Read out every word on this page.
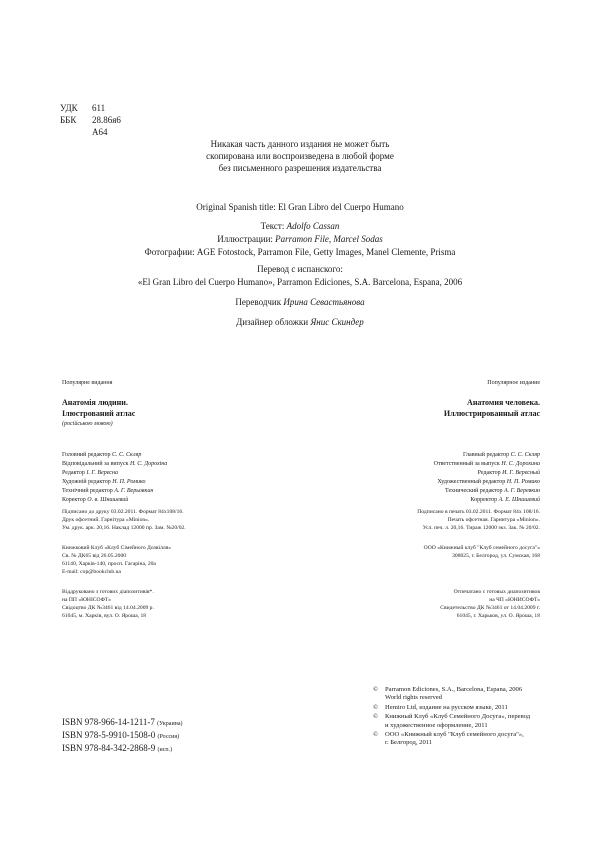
УДК 611
ББК 28.86я6
А64
Никакая часть данного издания не может быть
скопирована или воспроизведена в любой форме
без письменного разрешения издательства
Original Spanish title: El Gran Libro del Cuerpo Humano
Текст: Adolfo Cassan
Иллюстрации: Parramon File, Marcel Sodas
Фотографии: AGE Fotostock, Parramon File, Getty Images, Manel Clemente, Prisma
Перевод с испанского:
«El Gran Libro del Cuerpo Humano», Parramon Ediciones, S.A. Barcelona, Espana, 2006
Переводчик Ирина Севастьянова
Дизайнер обложки Янис Скиндер
Популярне видання
Анатомiя людини.
Ілюстрований атлас
(російською мовою)
Головний редактор С. С. Скляр
Відповідальний за випуск Н. С. Дорохіна
Редактор І. Г. Вересна
Художній редактор Н. П. Ромико
Технічний редактор А. Г. Верьовкин
Коректор О. в. Шнишевий
Підписано до друку 03.02.2011. Формат 84х108/16.
Друк офсетний. Гарнітура «Minion».
Ум. друк. арк. 20,16. Наклад 12000 пр. Зам. №20/02.
Книжковий Клуб «Клуб Сімейного Дозвілля»
Св. № ДК65 від 26.05.2000
61140, Харків-140, просп. Гагаріна, 20а
E-mail: cop@bookclub.ua
Віддруковано з готових діапозитивів*.
на ПП «ЮНІСОФТ»
Свідоцтво ДК №3461 від 14.04.2009 р.
61045, м. Харків, вул. О. Ярoша, 18
Популярное издание
Анатомия человека.
Иллюстрированный атлас
Главный редактор С. С. Скляр
Ответственный за выпуск Н. С. Дорохина
Редактор И. Г. Вересный
Художественный редактор Н. П. Ромико
Технический редактор А. Г. Веревкин
Корректор А. Е. Шнишевий
Подписано в печать 03.02.2011. Формат 84х 108/16.
Печать офсетная. Гарнитура «Minion».
Усл. печ. л. 20,16. Тираж 12000 экз. Зак. № 20/02.
ООО «Книжный клуб "Клуб семейного досуга"»
308025, г. Белгород, ул. Сумская, 168
Отпечатано с готовых диапозитивов
на ЧП «ЮНИСОФТ»
Свидетельство ДК №3461 от 14.04.2009 г.
61045, г. Харьков, ул. О. Яроша, 18
ISBN 978-966-14-1211-7 (Украина)
ISBN 978-5-9910-1508-0 (Россия)
ISBN 978-84-342-2868-9 (исп.)
© Parramon Ediciones, S.A., Barcelona, Espana, 2006
World rights reserved
© Hemiro Ltd, издание на русском языке, 2011
© Книжный Клуб «Клуб Семейного Досуга», перевод
и художественное оформление, 2011
© ООО «Книжный клуб "Клуб семейного досуга"»,
г. Белгород, 2011
